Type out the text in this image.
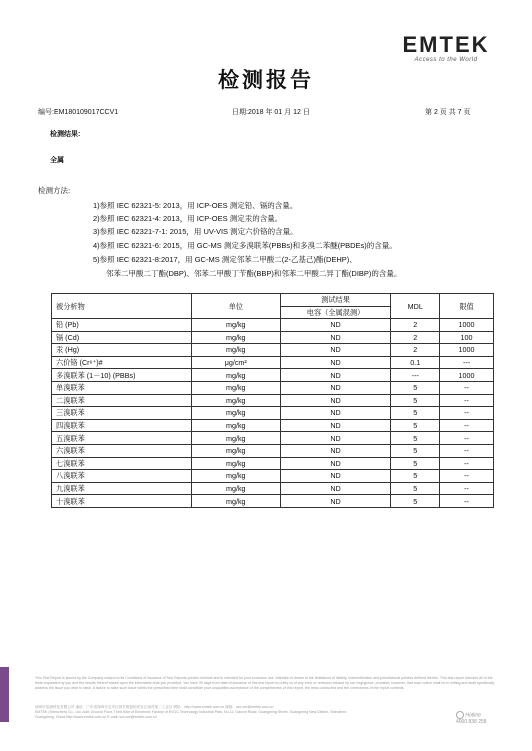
EMTEK
Access to the World
检测报告
编号:EM180109017CCV1	日期:2018 年 01 月 12 日	第 2 页 共 7 页
检测结果:
全属
检测方法:
1)参照 IEC 62321-5: 2013，用 ICP-OES 测定铅、镉的含量。
2)参照 IEC 62321-4: 2013，用 ICP-OES 测定汞的含量。
3)参照 IEC 62321-7-1: 2015，用 UV-VIS 测定六价铬的含量。
4)参照 IEC 62321-6: 2015，用 GC-MS 测定多溴联苯(PBBs)和多溴二苯醚(PBDEs)的含量。
5)参照 IEC 62321-8:2017，用 GC-MS 测定邻苯二甲酸二(2-乙基己)酯(DEHP)、
邻苯二甲酸二丁酯(DBP)、邻苯二甲酸丁苄酯(BBP)和邻苯二甲酸二异丁酯(DIBP)的含量。
被分析物	单位	测试结果
电容（全属混测）	MDL	限值
铅 (Pb)	mg/kg	ND	2	1000
镉 (Cd)	mg/kg	ND	2	100
汞 (Hg)	mg/kg	ND	2	1000
六价铬 (Cr⁶⁺)#	μg/cm²	ND	0.1	---
多溴联苯 (1－10) (PBBs)	mg/kg	ND	---	1000
单溴联苯	mg/kg	ND	5	--
二溴联苯	mg/kg	ND	5	--
三溴联苯	mg/kg	ND	5	--
四溴联苯	mg/kg	ND	5	--
五溴联苯	mg/kg	ND	5	--
六溴联苯	mg/kg	ND	5	--
七溴联苯	mg/kg	ND	5	--
八溴联苯	mg/kg	ND	5	--
九溴联苯	mg/kg	ND	5	--
十溴联苯	mg/kg	ND	5	--
This Test Report is issued by the Company subject to its Conditions of Issuance of Test Reports printed overleaf and is intended for your exclusive use. Attention is drawn to the limitations of liability, indemnification and jurisdictional policies defined therein. This test report includes all of the tests requested by you and the results thereof based upon the information that you provided. You have 30 days from date of issuance of this test report to notify us of any error or omission caused by our negligence, provided, however, that such notice shall be in writing and shall specifically address the issue you wish to raise. A failure to raise such issue within the prescribed time shall constitute your unqualified acceptance of the completeness of this report, the tests conducted and the correctness of the report contents.
深圳市倍测科技有限公司 地址：广东省深圳市宝安区西乡街道固戍社区南昌第二工业区 网址：http://www.emtek.com.cn 邮箱：szc.cor@emtek.com.cn
EMTEK (Shenzhen) Co., Ltd. Add: Ground Floor, Third Side of Electronic Factory of EVOC Technology Industrial Park, No.11, Gaoxin Road, Guangming Street, Guangming New District, Shenzhen.
Guangdong, China http://www.emtek.com.cn E-mail: szc.cor@emtek.com.cn	Hotline
4000 838 258
